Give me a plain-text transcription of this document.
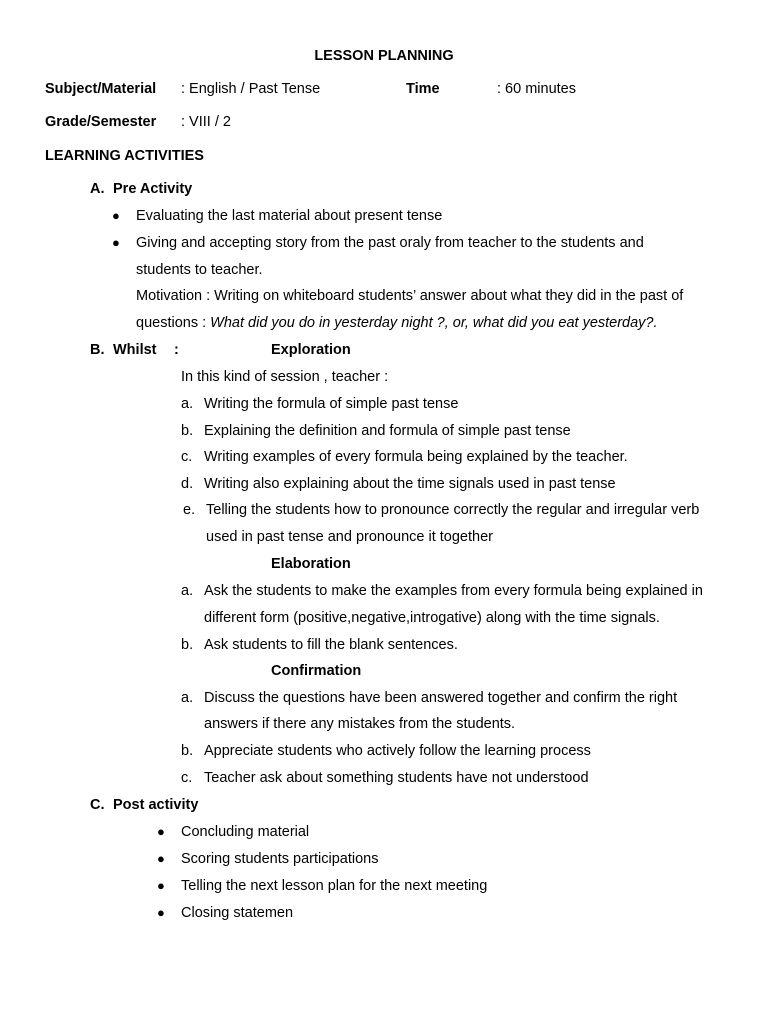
LESSON PLANNING
Subject/Material : English / Past Tense	Time	: 60 minutes
Grade/Semester : VIII / 2
LEARNING ACTIVITIES
A. Pre Activity
● Evaluating the last material about present tense
● Giving and accepting story from the past oraly from teacher to the students and
students to teacher.
Motivation : Writing on whiteboard students’ answer about what they did in the past of
questions : What did you do in yesterday night ?, or, what did you eat yesterday?.
B. Whilst :	Exploration
In this kind of session , teacher :
a. Writing the formula of simple past tense
b. Explaining the definition and formula of simple past tense
c. Writing examples of every formula being explained by the teacher.
d. Writing also explaining about the time signals used in past tense
e. Telling the students how to pronounce correctly the regular and irregular verb
used in past tense and pronounce it together
Elaboration
a. Ask the students to make the examples from every formula being explained in
different form (positive,negative,introgative) along with the time signals.
b. Ask students to fill the blank sentences.
Confirmation
a. Discuss the questions have been answered together and confirm the right
answers if there any mistakes from the students.
b. Appreciate students who actively follow the learning process
c. Teacher ask about something students have not understood
C. Post activity
● Concluding material
● Scoring students participations
● Telling the next lesson plan for the next meeting
● Closing statemen
